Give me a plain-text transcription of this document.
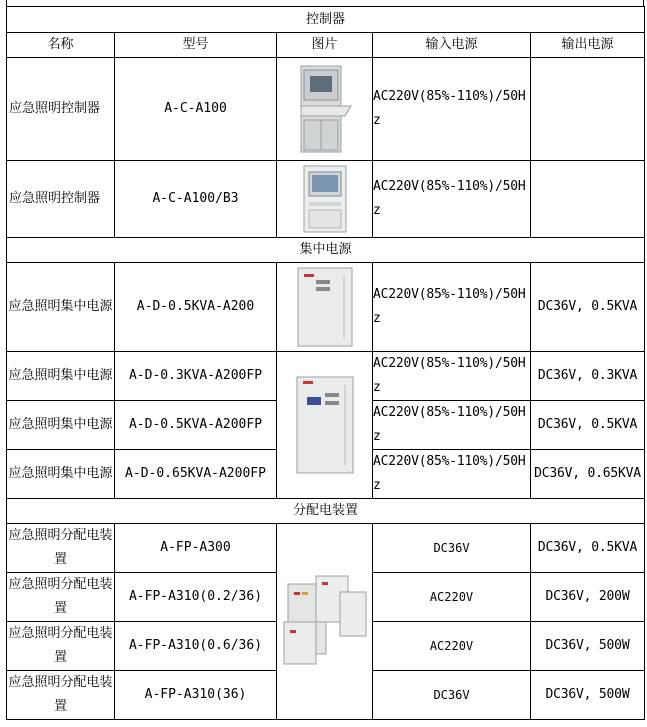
控制器				
名称	型号	图片	输入电源	输出电源
应急照明控制器	A-C-A100		AC220V(85%-110%)/50Hz	
应急照明控制器	A-C-A100/B3		AC220V(85%-110%)/50Hz	
集中电源				
应急照明集中电源	A-D-0.5KVA-A200		AC220V(85%-110%)/50Hz	DC36V, 0.5KVA
应急照明集中电源	A-D-0.3KVA-A200FP		AC220V(85%-110%)/50Hz	DC36V, 0.3KVA
应急照明集中电源	A-D-0.5KVA-A200FP		AC220V(85%-110%)/50Hz	DC36V, 0.5KVA
应急照明集中电源	A-D-0.65KVA-A200FP		AC220V(85%-110%)/50Hz	DC36V, 0.65KVA
分配电装置				
应急照明分配电装置	A-FP-A300		DC36V	DC36V, 0.5KVA
应急照明分配电装置	A-FP-A310(0.2/36)		AC220V	DC36V, 200W
应急照明分配电装置	A-FP-A310(0.6/36)		AC220V	DC36V, 500W
应急照明分配电装置	A-FP-A310(36)		DC36V	DC36V, 500W
